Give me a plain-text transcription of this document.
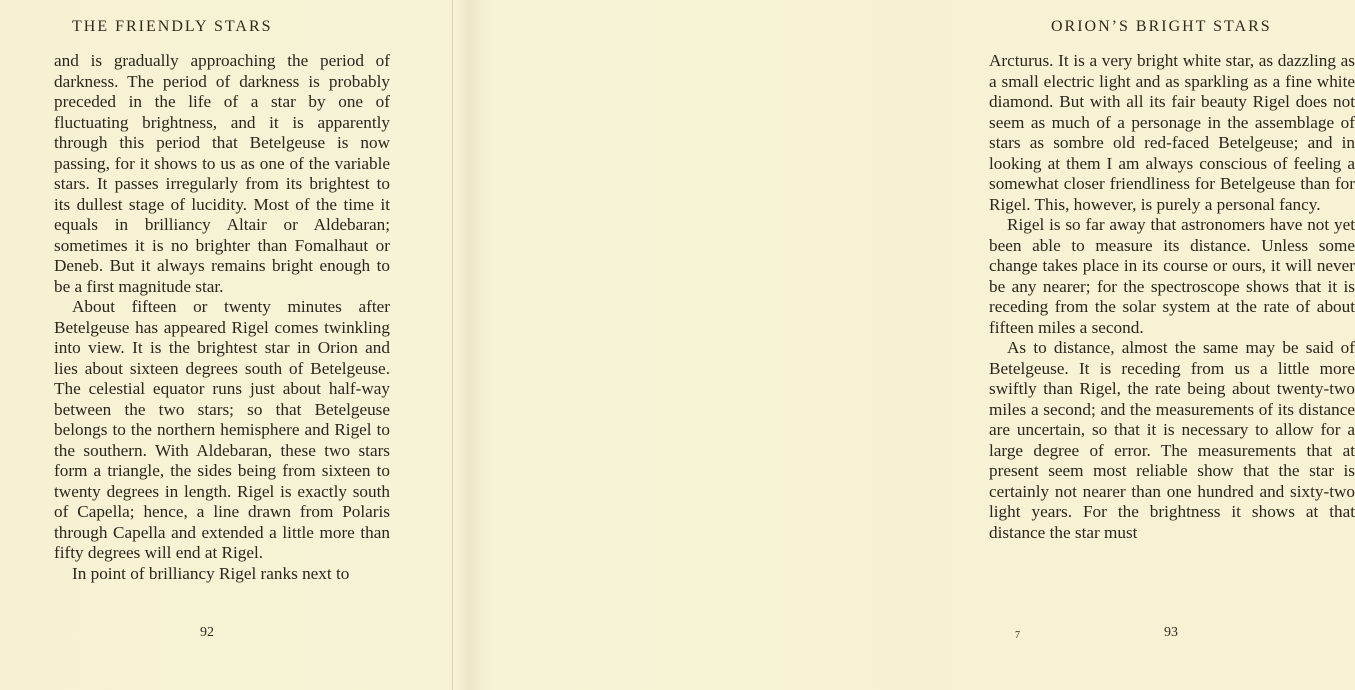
THE FRIENDLY STARS

and is gradually approaching the period of darkness. The period of darkness is probably preceded in the life of a star by one of fluctuating brightness, and it is apparently through this period that Betelgeuse is now passing, for it shows to us as one of the variable stars. It passes irregularly from its brightest to its dullest stage of lucidity. Most of the time it equals in brilliancy Altair or Aldebaran; sometimes it is no brighter than Fomalhaut or Deneb. But it always remains bright enough to be a first magnitude star.

About fifteen or twenty minutes after Betelgeuse has appeared Rigel comes twinkling into view. It is the brightest star in Orion and lies about sixteen degrees south of Betelgeuse. The celestial equator runs just about half-way between the two stars; so that Betelgeuse belongs to the northern hemisphere and Rigel to the southern. With Aldebaran, these two stars form a triangle, the sides being from sixteen to twenty degrees in length. Rigel is exactly south of Capella; hence, a line drawn from Polaris through Capella and extended a little more than fifty degrees will end at Rigel.

In point of brilliancy Rigel ranks next to

92
ORION’S BRIGHT STARS

Arcturus. It is a very bright white star, as dazzling as a small electric light and as sparkling as a fine white diamond. But with all its fair beauty Rigel does not seem as much of a personage in the assemblage of stars as sombre old red-faced Betelgeuse; and in looking at them I am always conscious of feeling a somewhat closer friendliness for Betelgeuse than for Rigel. This, however, is purely a personal fancy.

Rigel is so far away that astronomers have not yet been able to measure its distance. Unless some change takes place in its course or ours, it will never be any nearer; for the spectroscope shows that it is receding from the solar system at the rate of about fifteen miles a second.

As to distance, almost the same may be said of Betelgeuse. It is receding from us a little more swiftly than Rigel, the rate being about twenty-two miles a second; and the measurements of its distance are uncertain, so that it is necessary to allow for a large degree of error. The measurements that at present seem most reliable show that the star is certainly not nearer than one hundred and sixty-two light years. For the brightness it shows at that distance the star must

7	93
